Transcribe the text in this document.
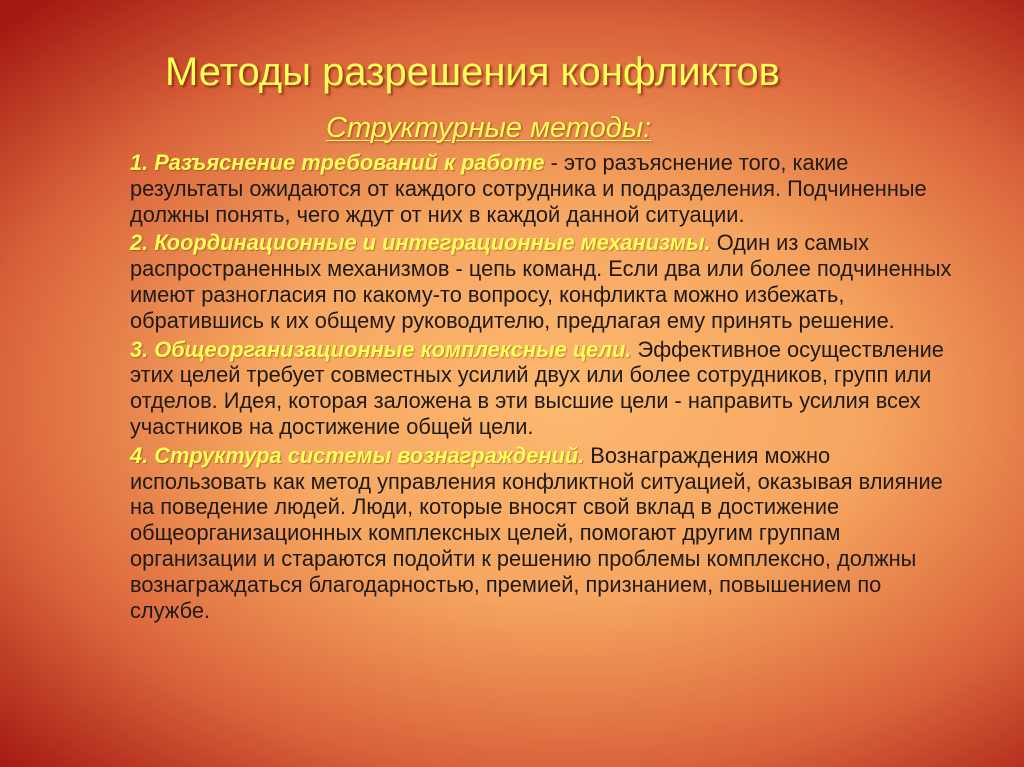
Методы разрешения конфликтов
Структурные методы:

1. Разъяснение требований к работе - это разъяснение того, какие результаты ожидаются от каждого сотрудника и подразделения. Подчиненные должны понять, чего ждут от них в каждой данной ситуации.

2. Координационные и интеграционные механизмы. Один из самых распространенных механизмов - цепь команд. Если два или более подчиненных имеют разногласия по какому-то вопросу, конфликта можно избежать, обратившись к их общему руководителю, предлагая ему принять решение.

3. Общеорганизационные комплексные цели. Эффективное осуществление этих целей требует совместных усилий двух или более сотрудников, групп или отделов. Идея, которая заложена в эти высшие цели - направить усилия всех участников на достижение общей цели.

4. Структура системы вознаграждений. Вознаграждения можно использовать как метод управления конфликтной ситуацией, оказывая влияние на поведение людей. Люди, которые вносят свой вклад в достижение общеорганизационных комплексных целей, помогают другим группам организации и стараются подойти к решению проблемы комплексно, должны вознаграждаться благодарностью, премией, признанием, повышением по службе.
